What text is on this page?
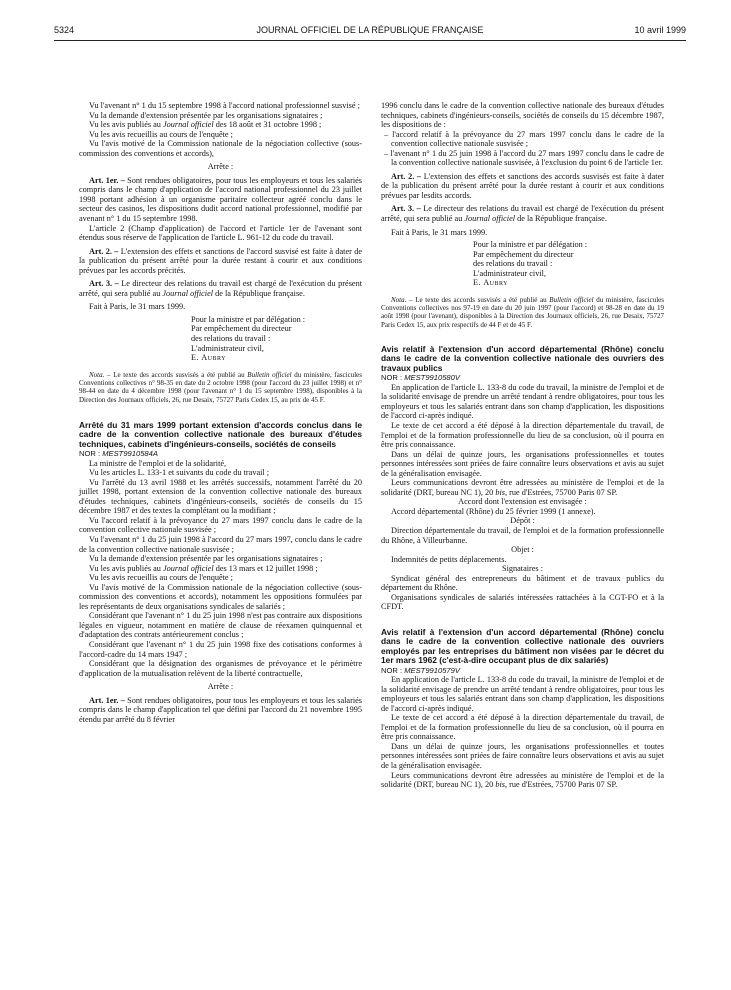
5324	JOURNAL OFFICIEL DE LA RÉPUBLIQUE FRANÇAISE	10 avril 1999

Vu l'avenant n° 1 du 15 septembre 1998 à l'accord national professionnel susvisé ;

Vu la demande d'extension présentée par les organisations signataires ;

Vu les avis publiés au Journal officiel des 18 août et 31 octobre 1998 ;

Vu les avis recueillis au cours de l'enquête ;

Vu l'avis motivé de la Commission nationale de la négociation collective (sous-commission des conventions et accords),

Arrête :

Art. 1er. – Sont rendues obligatoires, pour tous les employeurs et tous les salariés compris dans le champ d'application de l'accord national professionnel du 23 juillet 1998 portant adhésion à un organisme paritaire collecteur agréé conclu dans le secteur des casinos, les dispositions dudit accord national professionnel, modifié par avenant n° 1 du 15 septembre 1998.

L'article 2 (Champ d'application) de l'accord et l'article 1er de l'avenant sont étendus sous réserve de l'application de l'article L. 961-12 du code du travail.

Art. 2. – L'extension des effets et sanctions de l'accord susvisé est faite à dater de la publication du présent arrêté pour la durée restant à courir et aux conditions prévues par les accords précités.

Art. 3. – Le directeur des relations du travail est chargé de l'exécution du présent arrêté, qui sera publié au Journal officiel de la République française.

Fait à Paris, le 31 mars 1999.

Pour la ministre et par délégation :

Par empêchement du directeur

des relations du travail :

L'administrateur civil,

E. Aubry

Nota. – Le texte des accords susvisés a été publié au Bulletin officiel du ministère, fascicules Conventions collectives n° 98-35 en date du 2 octobre 1998 (pour l'accord du 23 juillet 1998) et n° 98-44 en date du 4 décembre 1998 (pour l'avenant n° 1 du 15 septembre 1998), disponibles à la Direction des Journaux officiels, 26, rue Desaix, 75727 Paris Cedex 15, au prix de 45 F.

Arrêté du 31 mars 1999 portant extension d'accords conclus dans le cadre de la convention collective nationale des bureaux d'études techniques, cabinets d'ingénieurs-conseils, sociétés de conseils

NOR : MESТ9910584A

La ministre de l'emploi et de la solidarité,

Vu les articles L. 133-1 et suivants du code du travail ;

Vu l'arrêté du 13 avril 1988 et les arrêtés successifs, notamment l'arrêté du 20 juillet 1998, portant extension de la convention collective nationale des bureaux d'études techniques, cabinets d'ingénieurs-conseils, sociétés de conseils du 15 décembre 1987 et des textes la complétant ou la modifiant ;

Vu l'accord relatif à la prévoyance du 27 mars 1997 conclu dans le cadre de la convention collective nationale susvisée ;

Vu l'avenant n° 1 du 25 juin 1998 à l'accord du 27 mars 1997, conclu dans le cadre de la convention collective nationale susvisée ;

Vu la demande d'extension présentée par les organisations signataires ;

Vu les avis publiés au Journal officiel des 13 mars et 12 juillet 1998 ;

Vu les avis recueillis au cours de l'enquête ;

Vu l'avis motivé de la Commission nationale de la négociation collective (sous-commission des conventions et accords), notamment les oppositions formulées par les représentants de deux organisations syndicales de salariés ;

Considérant que l'avenant n° 1 du 25 juin 1998 n'est pas contraire aux dispositions légales en vigueur, notamment en matière de clause de réexamen quinquennal et d'adaptation des contrats antérieurement conclus ;

Considérant que l'avenant n° 1 du 25 juin 1998 fixe des cotisations conformes à l'accord-cadre du 14 mars 1947 ;

Considérant que la désignation des organismes de prévoyance et le périmètre d'application de la mutualisation relèvent de la liberté contractuelle,

Arrête :

Art. 1er. – Sont rendues obligatoires, pour tous les employeurs et tous les salariés compris dans le champ d'application tel que défini par l'accord du 21 novembre 1995 étendu par arrêté du 8 février

1996 conclu dans le cadre de la convention collective nationale des bureaux d'études techniques, cabinets d'ingénieurs-conseils, sociétés de conseils du 15 décembre 1987, les dispositions de :

– l'accord relatif à la prévoyance du 27 mars 1997 conclu dans le cadre de la convention collective nationale susvisée ;

– l'avenant n° 1 du 25 juin 1998 à l'accord du 27 mars 1997 conclu dans le cadre de la convention collective nationale susvisée, à l'exclusion du point 6 de l'article 1er.

Art. 2. – L'extension des effets et sanctions des accords susvisés est faite à dater de la publication du présent arrêté pour la durée restant à courir et aux conditions prévues par lesdits accords.

Art. 3. – Le directeur des relations du travail est chargé de l'exécution du présent arrêté, qui sera publié au Journal officiel de la République française.

Fait à Paris, le 31 mars 1999.

Pour la ministre et par délégation :

Par empêchement du directeur

des relations du travail :

L'administrateur civil,

E. Aubry

Nota. – Le texte des accords susvisés a été publié au Bulletin officiel du ministère, fascicules Conventions collectives nos 97-19 en date du 20 juin 1997 (pour l'accord) et 98-28 en date du 19 août 1998 (pour l'avenant), disponibles à la Direction des Journaux officiels, 26, rue Desaix, 75727 Paris Cedex 15, aux prix respectifs de 44 F et de 45 F.

Avis relatif à l'extension d'un accord départemental (Rhône) conclu dans le cadre de la convention collective nationale des ouvriers des travaux publics

NOR : MESТ9910580V

En application de l'article L. 133-8 du code du travail, la ministre de l'emploi et de la solidarité envisage de prendre un arrêté tendant à rendre obligatoires, pour tous les employeurs et tous les salariés entrant dans son champ d'application, les dispositions de l'accord ci-après indiqué.

Le texte de cet accord a été déposé à la direction départementale du travail, de l'emploi et de la formation professionnelle du lieu de sa conclusion, où il pourra en être pris connaissance.

Dans un délai de quinze jours, les organisations professionnelles et toutes personnes intéressées sont priées de faire connaître leurs observations et avis au sujet de la généralisation envisagée.

Leurs communications devront être adressées au ministère de l'emploi et de la solidarité (DRT, bureau NC 1), 20 bis, rue d'Estrées, 75700 Paris 07 SP.

Accord dont l'extension est envisagée :

Accord départemental (Rhône) du 25 février 1999 (1 annexe).

Dépôt :

Direction départementale du travail, de l'emploi et de la formation professionnelle du Rhône, à Villeurbanne.

Objet :

Indemnités de petits déplacements.

Signataires :

Syndicat général des entrepreneurs du bâtiment et de travaux publics du département du Rhône.

Organisations syndicales de salariés intéressées rattachées à la CGT-FO et à la CFDT.

Avis relatif à l'extension d'un accord départemental (Rhône) conclu dans le cadre de la convention collective nationale des ouvriers employés par les entreprises du bâtiment non visées par le décret du 1er mars 1962 (c'est-à-dire occupant plus de dix salariés)

NOR : MESТ9910579V

En application de l'article L. 133-8 du code du travail, la ministre de l'emploi et de la solidarité envisage de prendre un arrêté tendant à rendre obligatoires, pour tous les employeurs et tous les salariés entrant dans son champ d'application, les dispositions de l'accord ci-après indiqué.

Le texte de cet accord a été déposé à la direction départementale du travail, de l'emploi et de la formation professionnelle du lieu de sa conclusion, où il pourra en être pris connaissance.

Dans un délai de quinze jours, les organisations professionnelles et toutes personnes intéressées sont priées de faire connaître leurs observations et avis au sujet de la généralisation envisagée.

Leurs communications devront être adressées au ministère de l'emploi et de la solidarité (DRT, bureau NC 1), 20 bis, rue d'Estrées, 75700 Paris 07 SP.
